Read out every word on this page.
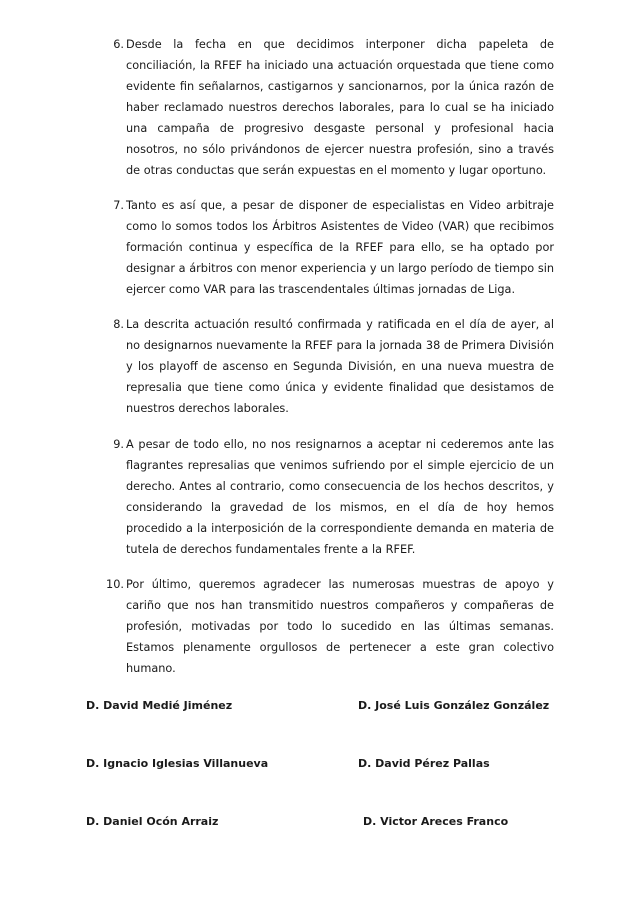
6. Desde la fecha en que decidimos interponer dicha papeleta de conciliación, la RFEF ha iniciado una actuación orquestada que tiene como evidente fin señalarnos, castigarnos y sancionarnos, por la única razón de haber reclamado nuestros derechos laborales, para lo cual se ha iniciado una campaña de progresivo desgaste personal y profesional hacia nosotros, no sólo privándonos de ejercer nuestra profesión, sino a través de otras conductas que serán expuestas en el momento y lugar oportuno.
7. Tanto es así que, a pesar de disponer de especialistas en Video arbitraje como lo somos todos los Árbitros Asistentes de Video (VAR) que recibimos formación continua y específica de la RFEF para ello, se ha optado por designar a árbitros con menor experiencia y un largo período de tiempo sin ejercer como VAR para las trascendentales últimas jornadas de Liga.
8. La descrita actuación resultó confirmada y ratificada en el día de ayer, al no designarnos nuevamente la RFEF para la jornada 38 de Primera División y los playoff de ascenso en Segunda División, en una nueva muestra de represalia que tiene como única y evidente finalidad que desistamos de nuestros derechos laborales.
9. A pesar de todo ello, no nos resignarnos a aceptar ni cederemos ante las flagrantes represalias que venimos sufriendo por el simple ejercicio de un derecho. Antes al contrario, como consecuencia de los hechos descritos, y considerando la gravedad de los mismos, en el día de hoy hemos procedido a la interposición de la correspondiente demanda en materia de tutela de derechos fundamentales frente a la RFEF.
10. Por último, queremos agradecer las numerosas muestras de apoyo y cariño que nos han transmitido nuestros compañeros y compañeras de profesión, motivadas por todo lo sucedido en las últimas semanas. Estamos plenamente orgullosos de pertenecer a este gran colectivo humano.
D. David Medié Jiménez	D. José Luis González González
D. Ignacio Iglesias Villanueva	D. David Pérez Pallas
D. Daniel Ocón Arraiz	D. Victor Areces Franco
